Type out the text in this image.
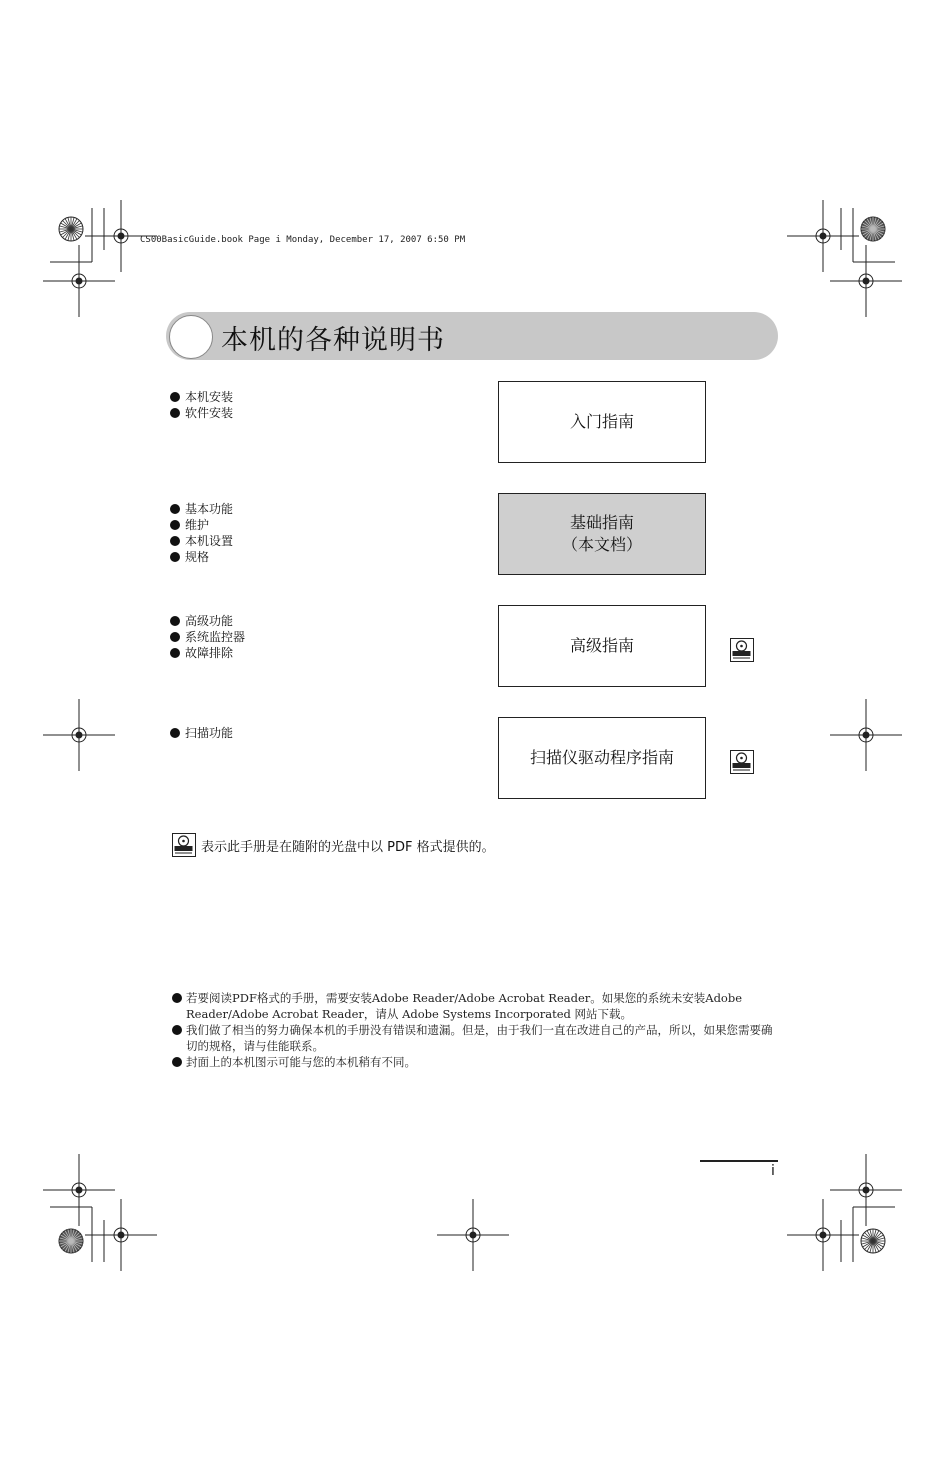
CS00BasicGuide.book Page i Monday, December 17, 2007 6:50 PM
本机的各种说明书
本机安装
软件安装	入门指南
基本功能
维护
本机设置
规格
基础指南
（本文档）
高级功能
系统监控器
故障排除	高级指南
扫描功能
扫描仪驱动程序指南
表示此手册是在随附的光盘中以 PDF 格式提供的。
若要阅读PDF格式的手册，需要安装Adobe Reader/Adobe Acrobat Reader。如果您的系统未安装Adobe Reader/Adobe Acrobat Reader，请从 Adobe Systems Incorporated 网站下载。
我们做了相当的努力确保本机的手册没有错误和遗漏。但是，由于我们一直在改进自己的产品，所以，如果您需要确切的规格，请与佳能联系。
封面上的本机图示可能与您的本机稍有不同。
i
